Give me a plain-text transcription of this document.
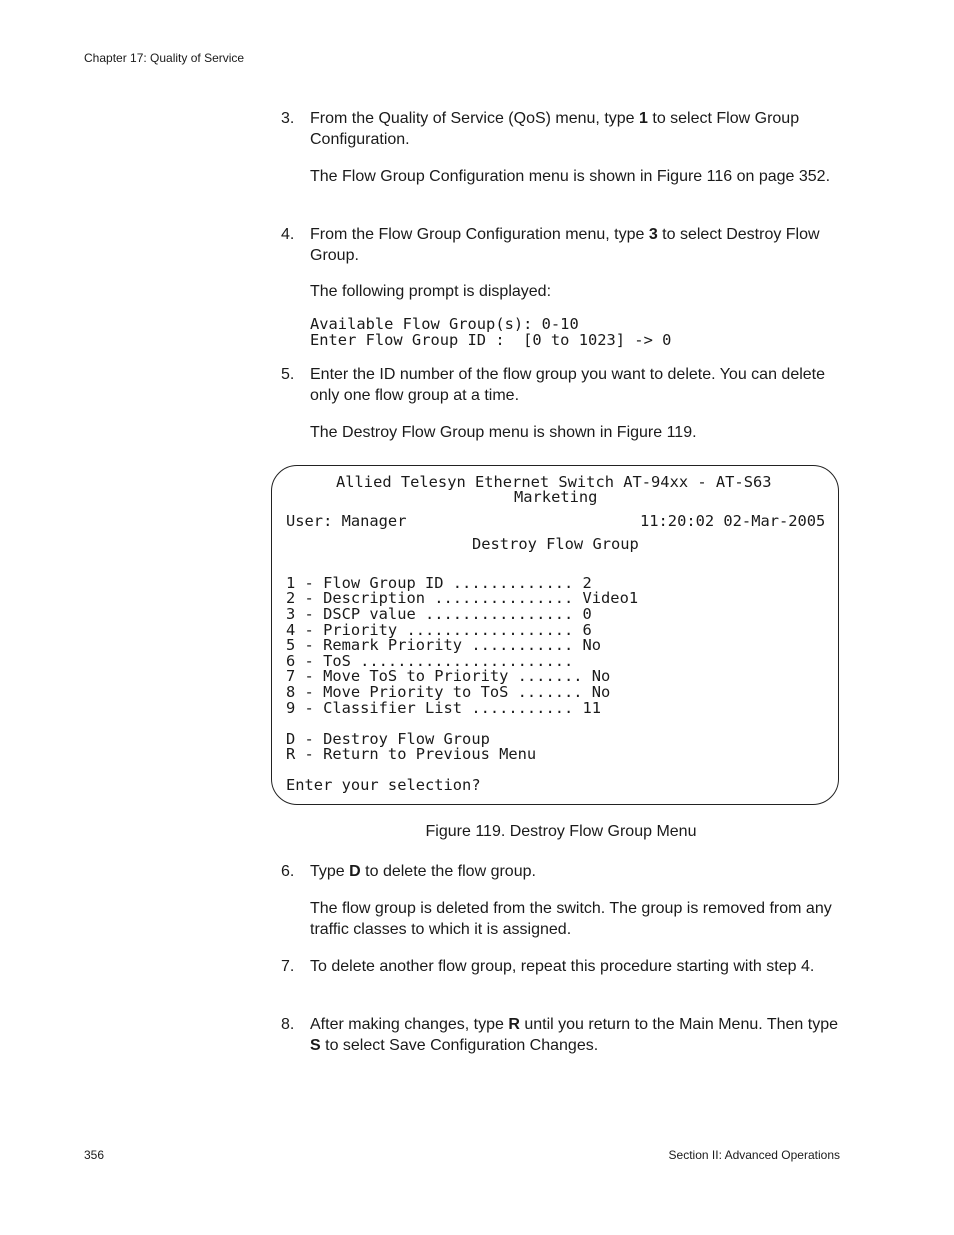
Chapter 17: Quality of Service
3. From the Quality of Service (QoS) menu, type 1 to select Flow Group Configuration.

The Flow Group Configuration menu is shown in Figure 116 on page 352.

4. From the Flow Group Configuration menu, type 3 to select Destroy Flow Group.

The following prompt is displayed:

Available Flow Group(s): 0-10
Enter Flow Group ID :  [0 to 1023] -> 0
5. Enter the ID number of the flow group you want to delete. You can delete only one flow group at a time.

The Destroy Flow Group menu is shown in Figure 119.

Allied Telesyn Ethernet Switch AT-94xx - AT-S63
Marketing
User: Manager	11:20:02 02-Mar-2005
Destroy Flow Group
1 - Flow Group ID ............. 2
2 - Description ............... Video1
3 - DSCP value ................ 0
4 - Priority .................. 6
5 - Remark Priority ........... No
6 - ToS .......................
7 - Move ToS to Priority ....... No
8 - Move Priority to ToS ....... No
9 - Classifier List ........... 11
D - Destroy Flow Group
R - Return to Previous Menu
Enter your selection?
Figure 119. Destroy Flow Group Menu
6. Type D to delete the flow group.

The flow group is deleted from the switch. The group is removed from any traffic classes to which it is assigned.

7. To delete another flow group, repeat this procedure starting with step 4.

8. After making changes, type R until you return to the Main Menu. Then type S to select Save Configuration Changes.

356	Section II: Advanced Operations
